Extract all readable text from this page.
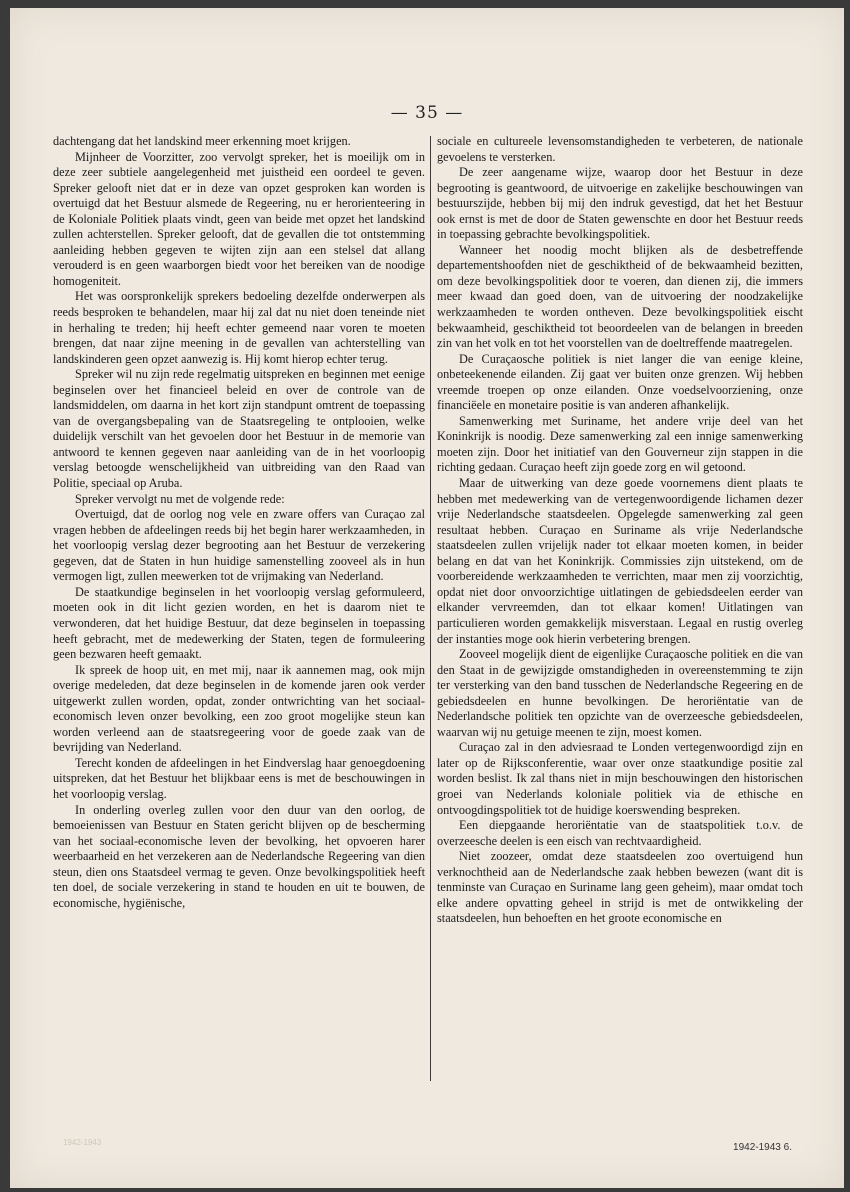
— 35 —

dachtengang dat het landskind meer erkenning moet krijgen.

Mijnheer de Voorzitter, zoo vervolgt spreker, het is moeilijk om in deze zeer subtiele aangelegenheid met juistheid een oordeel te geven. Spreker gelooft niet dat er in deze van opzet gesproken kan worden is overtuigd dat het Bestuur alsmede de Regeering, nu er herorienteering in de Koloniale Politiek plaats vindt, geen van beide met opzet het landskind zullen achterstellen. Spreker gelooft, dat de gevallen die tot ontstemming aanleiding hebben gegeven te wijten zijn aan een stelsel dat allang verouderd is en geen waarborgen biedt voor het bereiken van de noodige homogeniteit.

Het was oorspronkelijk sprekers bedoeling dezelfde onderwerpen als reeds besproken te behandelen, maar hij zal dat nu niet doen teneinde niet in herhaling te treden; hij heeft echter gemeend naar voren te moeten brengen, dat naar zijne meening in de gevallen van achterstelling van landskinderen geen opzet aanwezig is. Hij komt hierop echter terug.

Spreker wil nu zijn rede regelmatig uitspreken en beginnen met eenige beginselen over het financieel beleid en over de controle van de landsmiddelen, om daarna in het kort zijn standpunt omtrent de toepassing van de overgangsbepaling van de Staatsregeling te ontplooien, welke duidelijk verschilt van het gevoelen door het Bestuur in de memorie van antwoord te kennen gegeven naar aanleiding van de in het voorloopig verslag betoogde wenschelijkheid van uitbreiding van den Raad van Politie, speciaal op Aruba.

Spreker vervolgt nu met de volgende rede:

Overtuigd, dat de oorlog nog vele en zware offers van Curaçao zal vragen hebben de afdeelingen reeds bij het begin harer werkzaamheden, in het voorloopig verslag dezer begrooting aan het Bestuur de verzekering gegeven, dat de Staten in hun huidige samenstelling zooveel als in hun vermogen ligt, zullen meewerken tot de vrijmaking van Nederland.

De staatkundige beginselen in het voorloopig verslag geformuleerd, moeten ook in dit licht gezien worden, en het is daarom niet te verwonderen, dat het huidige Bestuur, dat deze beginselen in toepassing heeft gebracht, met de medewerking der Staten, tegen de formuleering geen bezwaren heeft gemaakt.

Ik spreek de hoop uit, en met mij, naar ik aannemen mag, ook mijn overige medeleden, dat deze beginselen in de komende jaren ook verder uitgewerkt zullen worden, opdat, zonder ontwrichting van het sociaal-economisch leven onzer bevolking, een zoo groot mogelijke steun kan worden verleend aan de staatsregeering voor de goede zaak van de bevrijding van Nederland.

Terecht konden de afdeelingen in het Eindverslag haar genoegdoening uitspreken, dat het Bestuur het blijkbaar eens is met de beschouwingen in het voorloopig verslag.

In onderling overleg zullen voor den duur van den oorlog, de bemoeienissen van Bestuur en Staten gericht blijven op de bescherming van het sociaal-economische leven der bevolking, het opvoeren harer weerbaarheid en het verzekeren aan de Nederlandsche Regeering van dien steun, dien ons Staatsdeel vermag te geven. Onze bevolkingspolitiek heeft ten doel, de sociale verzekering in stand te houden en uit te bouwen, de economische, hygiënische,

sociale en cultureele levensomstandigheden te verbeteren, de nationale gevoelens te versterken.

De zeer aangename wijze, waarop door het Bestuur in deze begrooting is geantwoord, de uitvoerige en zakelijke beschouwingen van bestuurszijde, hebben bij mij den indruk gevestigd, dat het het Bestuur ook ernst is met de door de Staten gewenschte en door het Bestuur reeds in toepassing gebrachte bevolkingspolitiek.

Wanneer het noodig mocht blijken als de desbetreffende departementshoofden niet de geschiktheid of de bekwaamheid bezitten, om deze bevolkingspolitiek door te voeren, dan dienen zij, die immers meer kwaad dan goed doen, van de uitvoering der noodzakelijke werkzaamheden te worden ontheven. Deze bevolkingspolitiek eischt bekwaamheid, geschiktheid tot beoordeelen van de belangen in breeden zin van het volk en tot het voorstellen van de doeltreffende maatregelen.

De Curaçaosche politiek is niet langer die van eenige kleine, onbeteekenende eilanden. Zij gaat ver buiten onze grenzen. Wij hebben vreemde troepen op onze eilanden. Onze voedselvoorziening, onze financiëele en monetaire positie is van anderen afhankelijk.

Samenwerking met Suriname, het andere vrije deel van het Koninkrijk is noodig. Deze samenwerking zal een innige samenwerking moeten zijn. Door het initiatief van den Gouverneur zijn stappen in die richting gedaan. Curaçao heeft zijn goede zorg en wil getoond.

Maar de uitwerking van deze goede voornemens dient plaats te hebben met medewerking van de vertegenwoordigende lichamen dezer vrije Nederlandsche staatsdeelen. Opgelegde samenwerking zal geen resultaat hebben. Curaçao en Suriname als vrije Nederlandsche staatsdeelen zullen vrijelijk nader tot elkaar moeten komen, in beider belang en dat van het Koninkrijk. Commissies zijn uitstekend, om de voorbereidende werkzaamheden te verrichten, maar men zij voorzichtig, opdat niet door onvoorzichtige uitlatingen de gebiedsdeelen eerder van elkander vervreemden, dan tot elkaar komen! Uitlatingen van particulieren worden gemakkelijk misverstaan. Legaal en rustig overleg der instanties moge ook hierin verbetering brengen.

Zooveel mogelijk dient de eigenlijke Curaçaosche politiek en die van den Staat in de gewijzigde omstandigheden in overeenstemming te zijn ter versterking van den band tusschen de Nederlandsche Regeering en de gebiedsdeelen en hunne bevolkingen. De heroriëntatie van de Nederlandsche politiek ten opzichte van de overzeesche gebiedsdeelen, waarvan wij nu getuige meenen te zijn, moest komen.

Curaçao zal in den adviesraad te Londen vertegenwoordigd zijn en later op de Rijksconferentie, waar over onze staatkundige positie zal worden beslist. Ik zal thans niet in mijn beschouwingen den historischen groei van Nederlands koloniale politiek via de ethische en ontvoogdingspolitiek tot de huidige koerswending bespreken.

Een diepgaande heroriëntatie van de staatspolitiek t.o.v. de overzeesche deelen is een eisch van rechtvaardigheid.

Niet zoozeer, omdat deze staatsdeelen zoo overtuigend hun verknochtheid aan de Nederlandsche zaak hebben bewezen (want dit is tenminste van Curaçao en Suriname lang geen geheim), maar omdat toch elke andere opvatting geheel in strijd is met de ontwikkeling der staatsdeelen, hun behoeften en het groote economische en

1942-1943	1942-1943 6.
